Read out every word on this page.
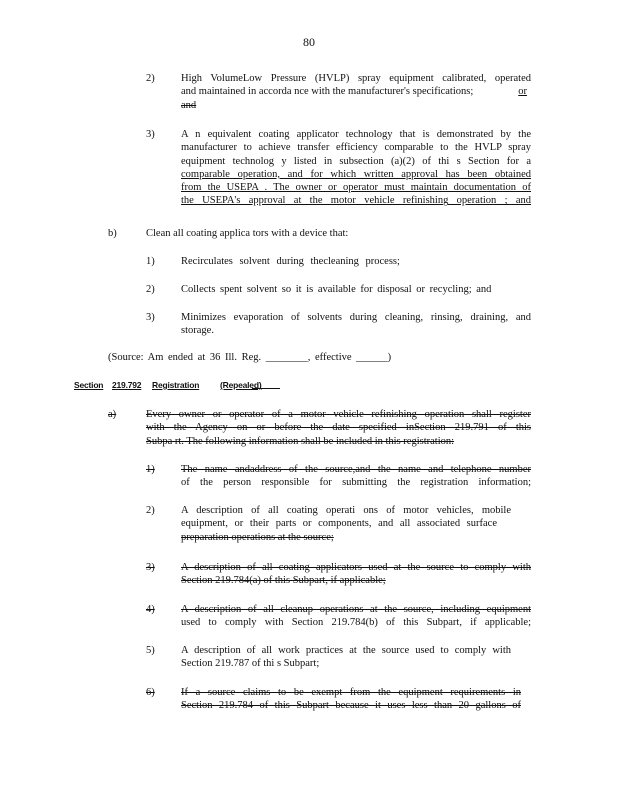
80
2)	High VolumeLow Pressure (HVLP) spray equipment calibrated, operated
and maintained in accorda nce with the manufacturer's specifications;	or
and
3)	A n equivalent coating applicator technology that is demonstrated by the
manufacturer to achieve transfer efficiency comparable to the HVLP spray
equipment technolog y listed in subsection (a)(2) of thi s Section for a
comparable operation, and for which written approval has been obtained
from the USEPA . The owner or operator must maintain documentation of
the USEPA's approval at the motor vehicle refinishing operation ; and
b)	Clean all coating applica tors with a device that:
1)	Recirculates solvent during thecleaning process;
2)	Collects spent solvent so it is available for disposal or recycling; and
3)	Minimizes evaporation of solvents during cleaning, rinsing, draining, and
storage.
(Source: Am ended at 36 Ill. Reg. ________, effective ______)
Section 219.792 Registration (Repealed)
a)	Every owner or operator of a motor vehicle refinishing operation shall register
with the Agency on or before the date specified inSection 219.791 of this
Subpa rt. The following information shall be included in this registration:
1)	The name andaddress of the source,and the name and telephone number
of the person responsible for submitting the registration information;
2)	A description of all coating operati ons of motor vehicles, mobile
equipment, or their parts or components, and all associated surface
preparation operations at the source;
3)	A description of all coating applicators used at the source to comply with
Section 219.784(a) of this Subpart, if applicable;
4)	A description of all cleanup operations at the source, including equipment
used to comply with Section 219.784(b) of this Subpart, if applicable;
5)	A description of all work practices at the source used to comply with
Section 219.787 of thi s Subpart;
6)	If a source claims to be exempt from the equipment requirements in
Section 219.784 of this Subpart because it uses less than 20 gallons of
